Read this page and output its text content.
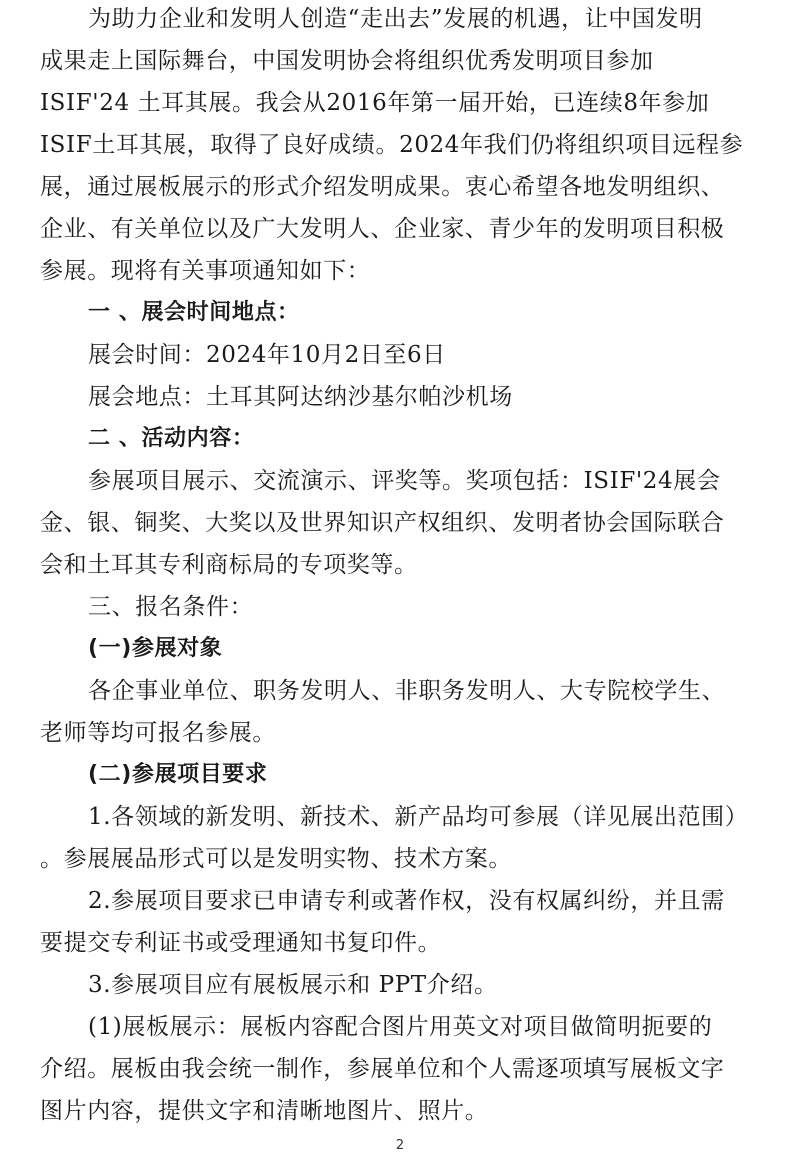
为助力企业和发明人创造“走出去”发展的机遇，让中国发明
成果走上国际舞台，中国发明协会将组织优秀发明项目参加
ISIF'24 土耳其展。我会从2016年第一届开始，已连续8年参加
ISIF土耳其展，取得了良好成绩。2024年我们仍将组织项目远程参
展，通过展板展示的形式介绍发明成果。衷心希望各地发明组织、
企业、有关单位以及广大发明人、企业家、青少年的发明项目积极
参展。现将有关事项通知如下：
一 、展会时间地点：
展会时间：2024年10月2日至6日
展会地点：土耳其阿达纳沙基尔帕沙机场
二 、活动内容：
参展项目展示、交流演示、评奖等。奖项包括：ISIF'24展会
金、银、铜奖、大奖以及世界知识产权组织、发明者协会国际联合
会和土耳其专利商标局的专项奖等。
三、报名条件：
(一)参展对象
各企事业单位、职务发明人、非职务发明人、大专院校学生、
老师等均可报名参展。
(二)参展项目要求
1.各领域的新发明、新技术、新产品均可参展（详见展出范围）
。参展展品形式可以是发明实物、技术方案。
2.参展项目要求已申请专利或著作权，没有权属纠纷，并且需
要提交专利证书或受理通知书复印件。
3.参展项目应有展板展示和 PPT介绍。
(1)展板展示：展板内容配合图片用英文对项目做简明扼要的
介绍。展板由我会统一制作，参展单位和个人需逐项填写展板文字
图片内容，提供文字和清晰地图片、照片。
2
